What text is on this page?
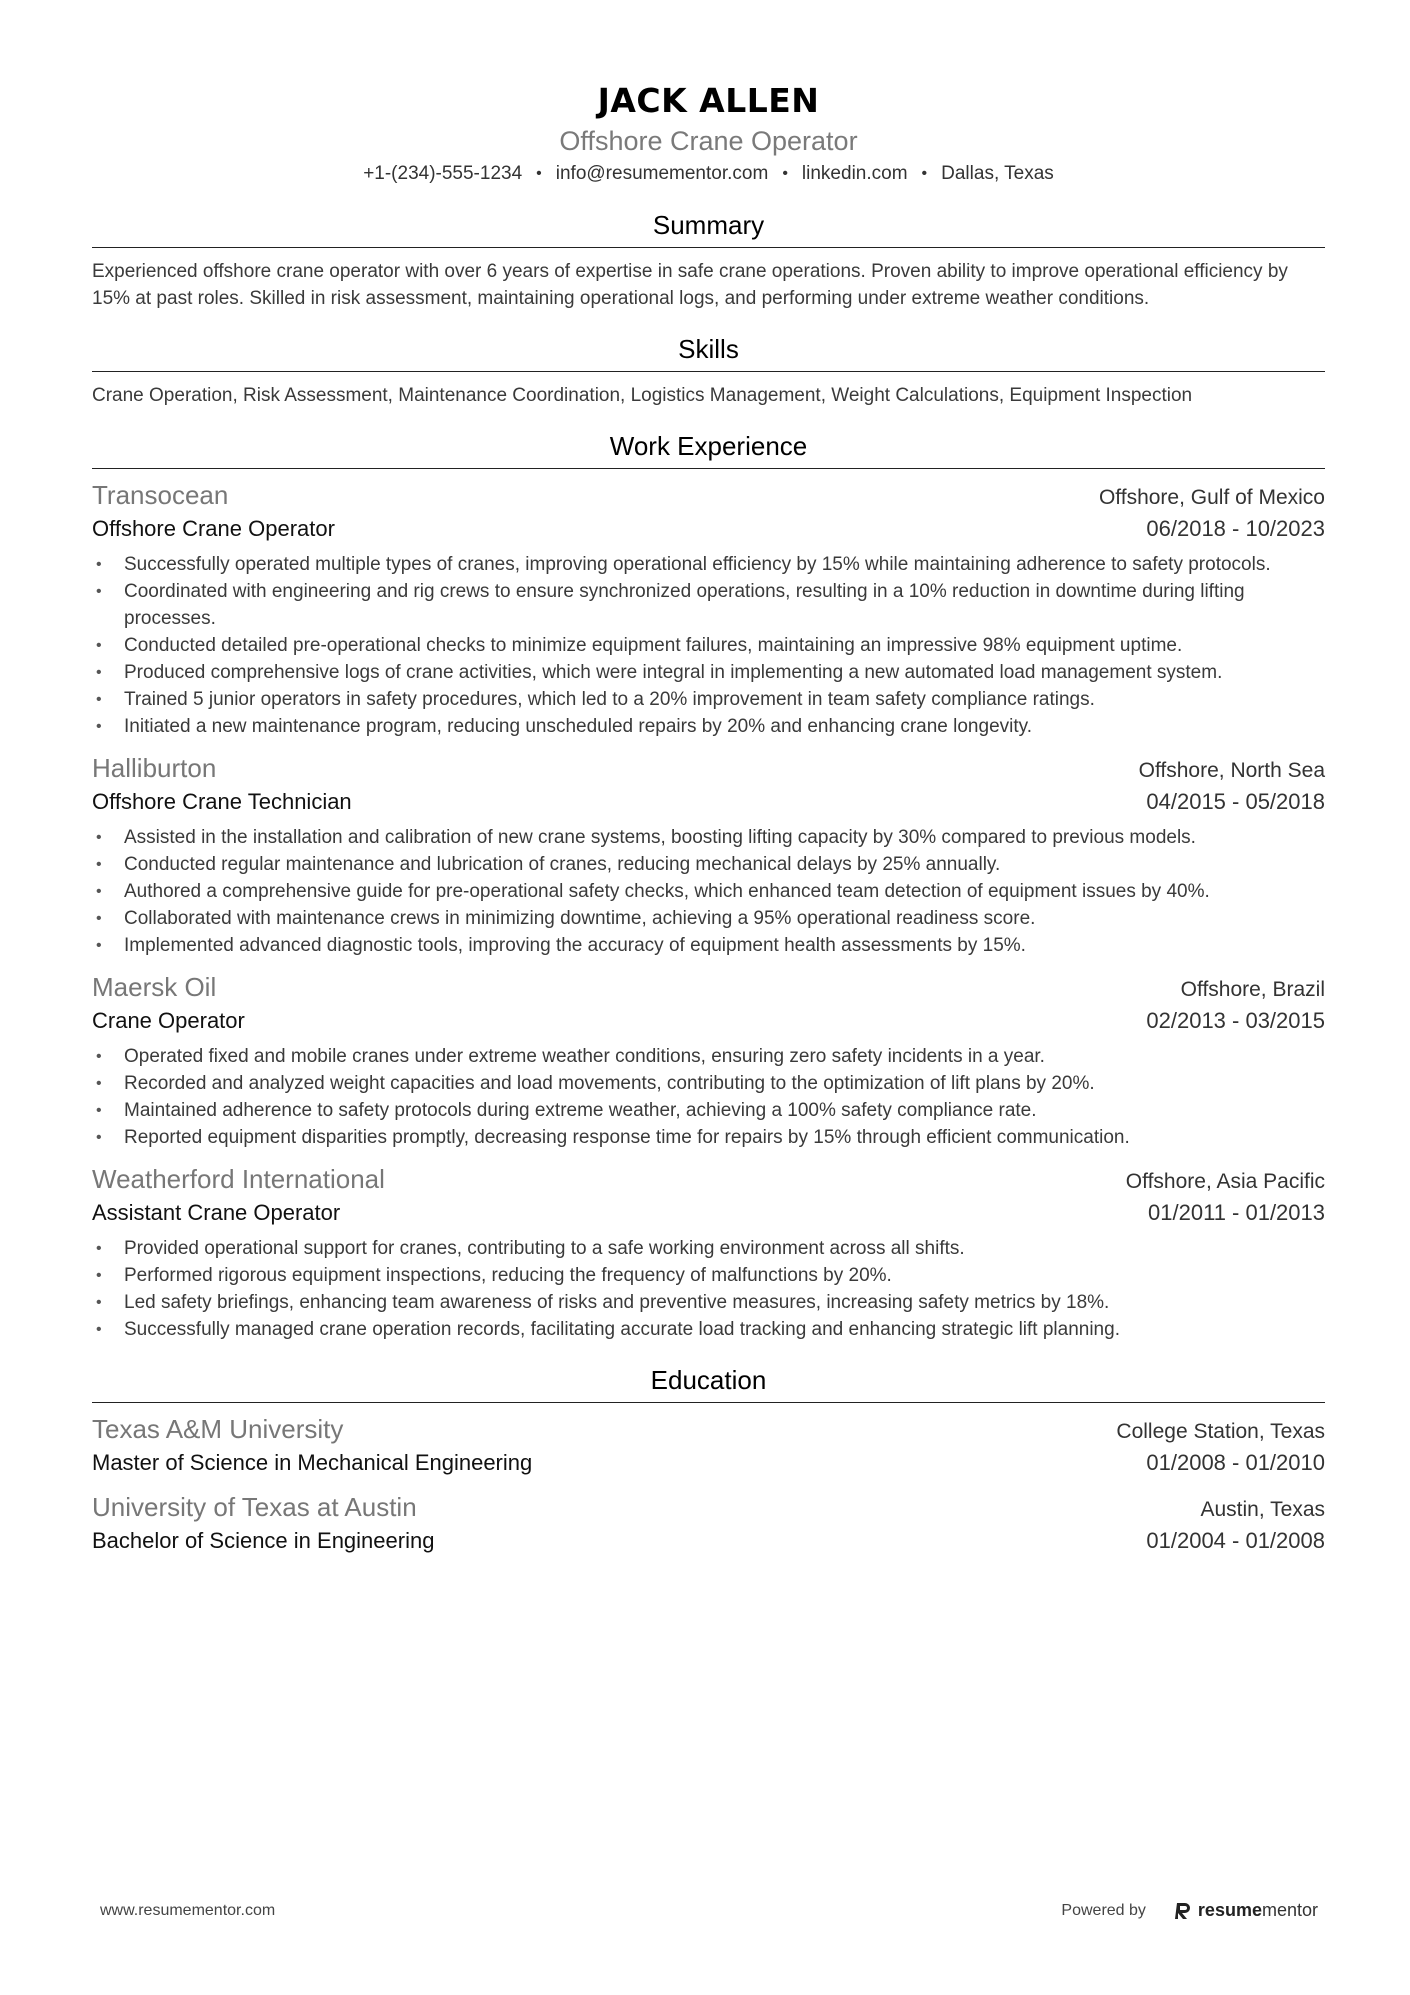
JACK ALLEN
Offshore Crane Operator
+1-(234)-555-1234 • info@resumementor.com • linkedin.com • Dallas, Texas
Summary
Experienced offshore crane operator with over 6 years of expertise in safe crane operations. Proven ability to improve operational efficiency by 15% at past roles. Skilled in risk assessment, maintaining operational logs, and performing under extreme weather conditions.
Skills
Crane Operation, Risk Assessment, Maintenance Coordination, Logistics Management, Weight Calculations, Equipment Inspection
Work Experience
Transocean	Offshore, Gulf of Mexico
Offshore Crane Operator	06/2018 - 10/2023
• Successfully operated multiple types of cranes, improving operational efficiency by 15% while maintaining adherence to safety protocols.
• Coordinated with engineering and rig crews to ensure synchronized operations, resulting in a 10% reduction in downtime during lifting processes.
• Conducted detailed pre-operational checks to minimize equipment failures, maintaining an impressive 98% equipment uptime.
• Produced comprehensive logs of crane activities, which were integral in implementing a new automated load management system.
• Trained 5 junior operators in safety procedures, which led to a 20% improvement in team safety compliance ratings.
• Initiated a new maintenance program, reducing unscheduled repairs by 20% and enhancing crane longevity.
Halliburton	Offshore, North Sea
Offshore Crane Technician	04/2015 - 05/2018
• Assisted in the installation and calibration of new crane systems, boosting lifting capacity by 30% compared to previous models.
• Conducted regular maintenance and lubrication of cranes, reducing mechanical delays by 25% annually.
• Authored a comprehensive guide for pre-operational safety checks, which enhanced team detection of equipment issues by 40%.
• Collaborated with maintenance crews in minimizing downtime, achieving a 95% operational readiness score.
• Implemented advanced diagnostic tools, improving the accuracy of equipment health assessments by 15%.
Maersk Oil	Offshore, Brazil
Crane Operator	02/2013 - 03/2015
• Operated fixed and mobile cranes under extreme weather conditions, ensuring zero safety incidents in a year.
• Recorded and analyzed weight capacities and load movements, contributing to the optimization of lift plans by 20%.
• Maintained adherence to safety protocols during extreme weather, achieving a 100% safety compliance rate.
• Reported equipment disparities promptly, decreasing response time for repairs by 15% through efficient communication.
Weatherford International	Offshore, Asia Pacific
Assistant Crane Operator	01/2011 - 01/2013
• Provided operational support for cranes, contributing to a safe working environment across all shifts.
• Performed rigorous equipment inspections, reducing the frequency of malfunctions by 20%.
• Led safety briefings, enhancing team awareness of risks and preventive measures, increasing safety metrics by 18%.
• Successfully managed crane operation records, facilitating accurate load tracking and enhancing strategic lift planning.
Education
Texas A&M University	College Station, Texas
Master of Science in Mechanical Engineering	01/2008 - 01/2010
University of Texas at Austin	Austin, Texas
Bachelor of Science in Engineering	01/2004 - 01/2008
www.resumementor.com	Powered by	resumementor
